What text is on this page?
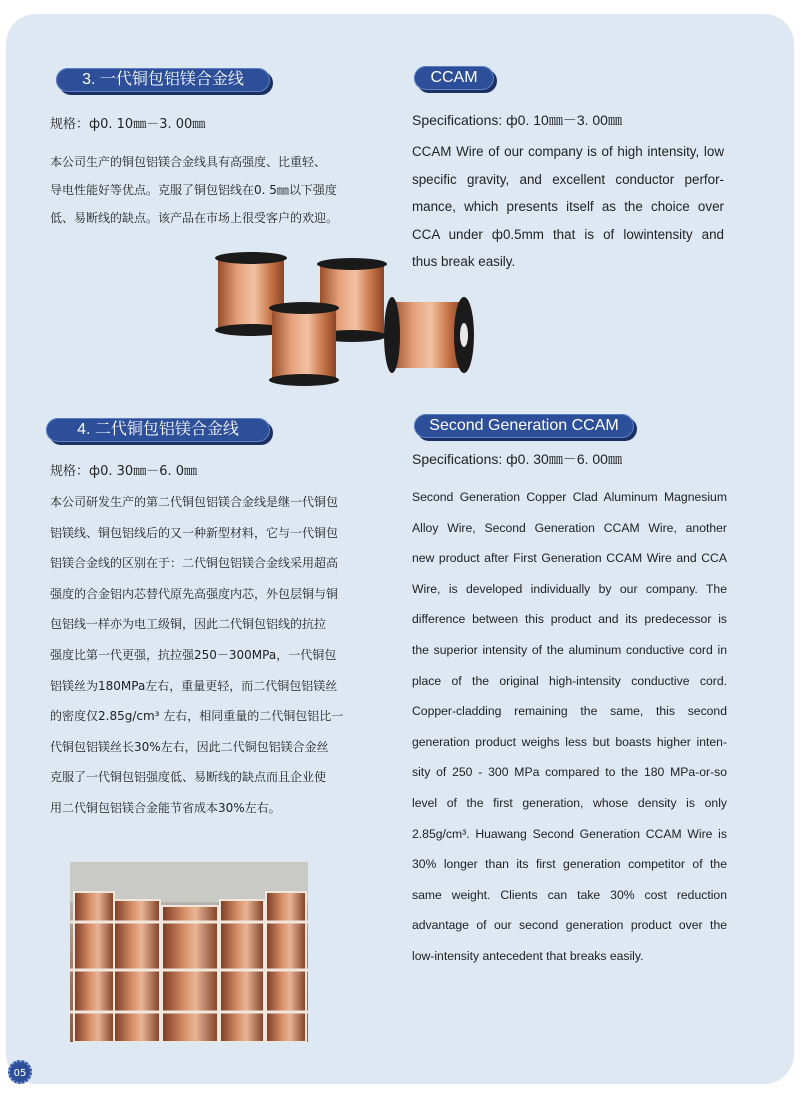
3. 一代铜包铝镁合金线
规格：ф0. 10㎜－3. 00㎜
本公司生产的铜包铝镁合金线具有高强度、比重轻、
导电性能好等优点。克服了铜包铝线在0. 5㎜以下强度
低、易断线的缺点。该产品在市场上很受客户的欢迎。
CCAM
Specifications: ф0. 10㎜－3. 00㎜
CCAM Wire of our company is of high intensity, low
specific gravity, and excellent conductor perfor-
mance, which presents itself as the choice over
CCA under ф0.5mm that is of lowintensity and
thus break easily.
4. 二代铜包铝镁合金线
规格：ф0. 30㎜－6. 0㎜
本公司研发生产的第二代铜包铝镁合金线是继一代铜包
铝镁线、铜包铝线后的又一种新型材料，它与一代铜包
铝镁合金线的区别在于：二代铜包铝镁合金线采用超高
强度的合金铝内芯替代原先高强度内芯，外包层铜与铜
包铝线一样亦为电工级铜，因此二代铜包铝线的抗拉
强度比第一代更强，抗拉强250－300MPa，一代铜包
铝镁丝为180MPa左右，重量更轻，而二代铜包铝镁丝
的密度仅2.85g/cm³ 左右，相同重量的二代铜包铝比一
代铜包铝镁丝长30%左右，因此二代铜包铝镁合金丝
克服了一代铜包铝强度低、易断线的缺点而且企业使
用二代铜包铝镁合金能节省成本30%左右。
Second Generation CCAM
Specifications: ф0. 30㎜－6. 00㎜
Second Generation Copper Clad Aluminum Magnesium
Alloy Wire, Second Generation CCAM Wire, another
new product after First Generation CCAM Wire and CCA
Wire, is developed individually by our company. The
difference between this product and its predecessor is
the superior intensity of the aluminum conductive cord in
place of the original high-intensity conductive cord.
Copper-cladding remaining the same, this second
generation product weighs less but boasts higher inten-
sity of 250 - 300 MPa compared to the 180 MPa-or-so
level of the first generation, whose density is only
2.85g/cm³. Huawang Second Generation CCAM Wire is
30% longer than its first generation competitor of the
same weight. Clients can take 30% cost reduction
advantage of our second generation product over the
low-intensity antecedent that breaks easily.
05
